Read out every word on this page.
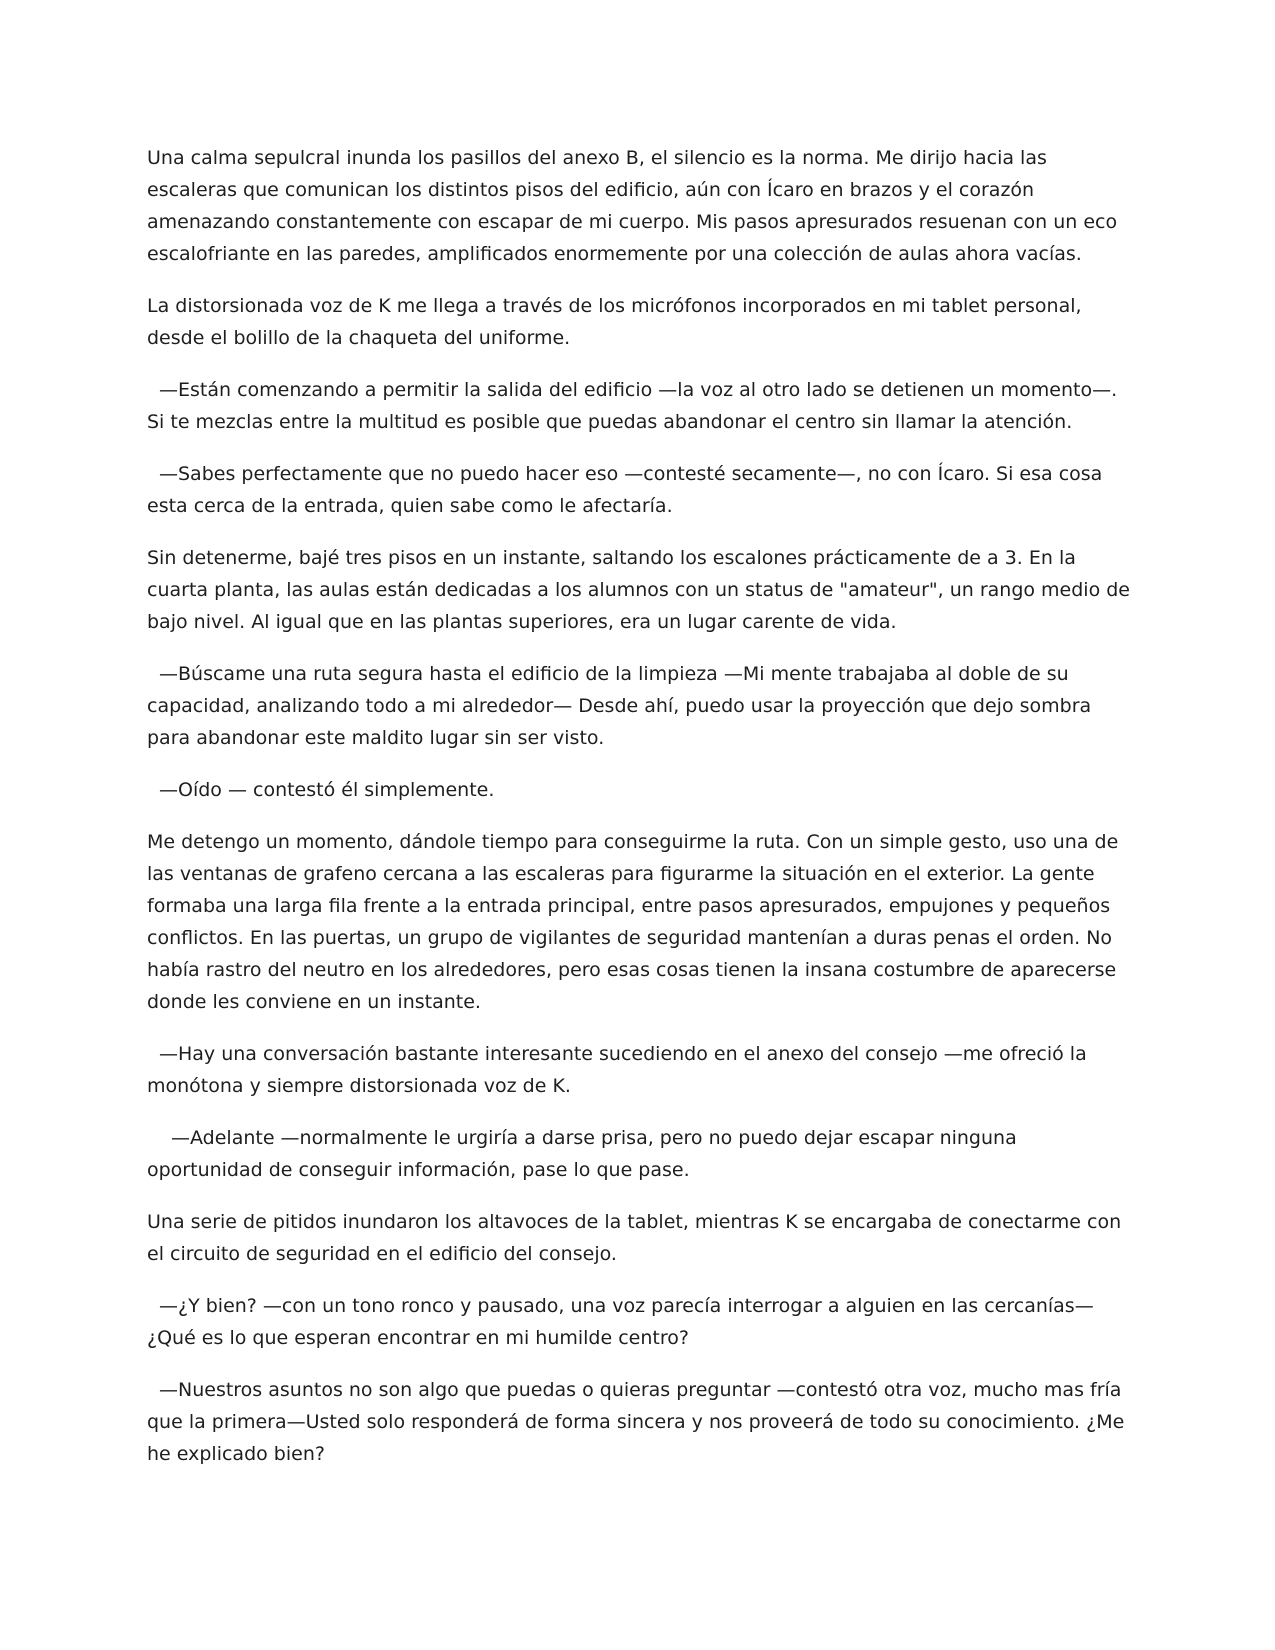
Una calma sepulcral inunda los pasillos del anexo B, el silencio es la norma. Me dirijo hacia las escaleras que comunican los distintos pisos del edificio, aún con Ícaro en brazos y el corazón amenazando constantemente con escapar de mi cuerpo. Mis pasos apresurados resuenan con un eco escalofriante en las paredes, amplificados enormemente por una colección de aulas ahora vacías.

La distorsionada voz de K me llega a través de los micrófonos incorporados en mi tablet personal, desde el bolillo de la chaqueta del uniforme.

—Están comenzando a permitir la salida del edificio —la voz al otro lado se detienen un momento—. Si te mezclas entre la multitud es posible que puedas abandonar el centro sin llamar la atención.

—Sabes perfectamente que no puedo hacer eso —contesté secamente—, no con Ícaro. Si esa cosa esta cerca de la entrada, quien sabe como le afectaría.

Sin detenerme, bajé tres pisos en un instante, saltando los escalones prácticamente de a 3. En la cuarta planta, las aulas están dedicadas a los alumnos con un status de "amateur", un rango medio de bajo nivel. Al igual que en las plantas superiores, era un lugar carente de vida.

—Búscame una ruta segura hasta el edificio de la limpieza —Mi mente trabajaba al doble de su capacidad, analizando todo a mi alrededor— Desde ahí, puedo usar la proyección que dejo sombra para abandonar este maldito lugar sin ser visto.

—Oído — contestó él simplemente.

Me detengo un momento, dándole tiempo para conseguirme la ruta. Con un simple gesto, uso una de las ventanas de grafeno cercana a las escaleras para figurarme la situación en el exterior. La gente formaba una larga fila frente a la entrada principal, entre pasos apresurados, empujones y pequeños conflictos. En las puertas, un grupo de vigilantes de seguridad mantenían a duras penas el orden. No había rastro del neutro en los alrededores, pero esas cosas tienen la insana costumbre de aparecerse donde les conviene en un instante.

—Hay una conversación bastante interesante sucediendo en el anexo del consejo —me ofreció la monótona y siempre distorsionada voz de K.

—Adelante —normalmente le urgiría a darse prisa, pero no puedo dejar escapar ninguna oportunidad de conseguir información, pase lo que pase.

Una serie de pitidos inundaron los altavoces de la tablet, mientras K se encargaba de conectarme con el circuito de seguridad en el edificio del consejo.

—¿Y bien? —con un tono ronco y pausado, una voz parecía interrogar a alguien en las cercanías— ¿Qué es lo que esperan encontrar en mi humilde centro?

—Nuestros asuntos no son algo que puedas o quieras preguntar —contestó otra voz, mucho mas fría que la primera—Usted solo responderá de forma sincera y nos proveerá de todo su conocimiento. ¿Me he explicado bien?
